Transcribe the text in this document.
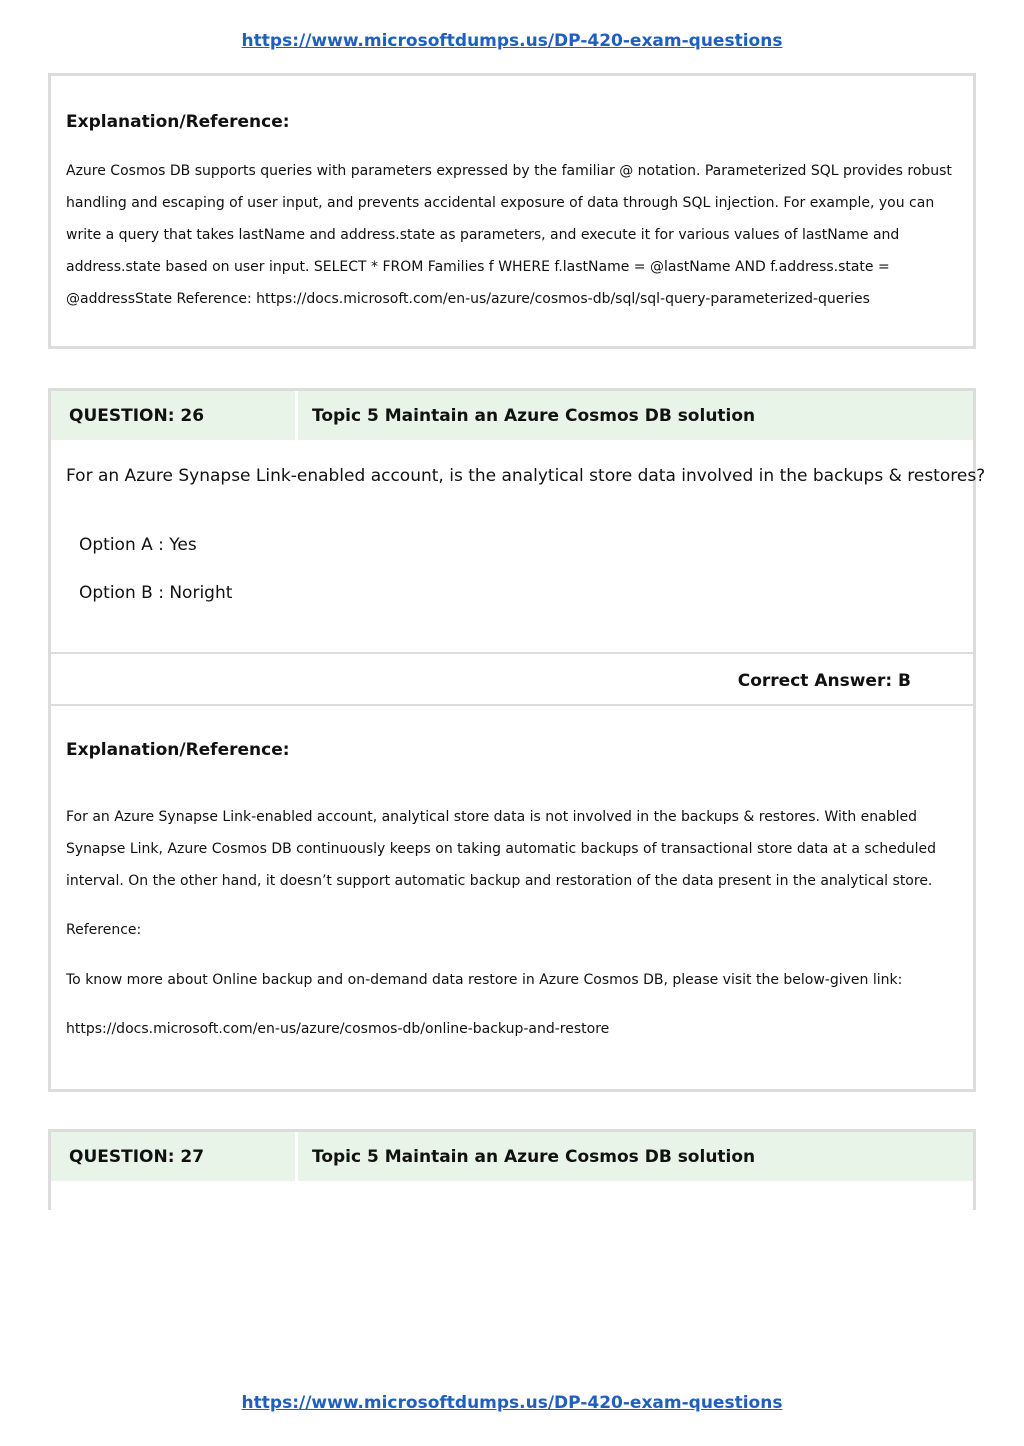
https://www.microsoftdumps.us/DP-420-exam-questions
Explanation/Reference:
Azure Cosmos DB supports queries with parameters expressed by the familiar @ notation. Parameterized SQL provides robust
handling and escaping of user input, and prevents accidental exposure of data through SQL injection. For example, you can
write a query that takes lastName and address.state as parameters, and execute it for various values of lastName and
address.state based on user input. SELECT * FROM Families f WHERE f.lastName = @lastName AND f.address.state =
@addressState Reference: https://docs.microsoft.com/en-us/azure/cosmos-db/sql/sql-query-parameterized-queries
QUESTION: 26	Topic 5 Maintain an Azure Cosmos DB solution
For an Azure Synapse Link-enabled account, is the analytical store data involved in the backups & restores?
Option A : Yes
Option B : Noright
Correct Answer: B
Explanation/Reference:
For an Azure Synapse Link-enabled account, analytical store data is not involved in the backups & restores. With enabled
Synapse Link, Azure Cosmos DB continuously keeps on taking automatic backups of transactional store data at a scheduled
interval. On the other hand, it doesn’t support automatic backup and restoration of the data present in the analytical store.
Reference:
To know more about Online backup and on-demand data restore in Azure Cosmos DB, please visit the below-given link:
https://docs.microsoft.com/en-us/azure/cosmos-db/online-backup-and-restore
QUESTION: 27	Topic 5 Maintain an Azure Cosmos DB solution
https://www.microsoftdumps.us/DP-420-exam-questions
